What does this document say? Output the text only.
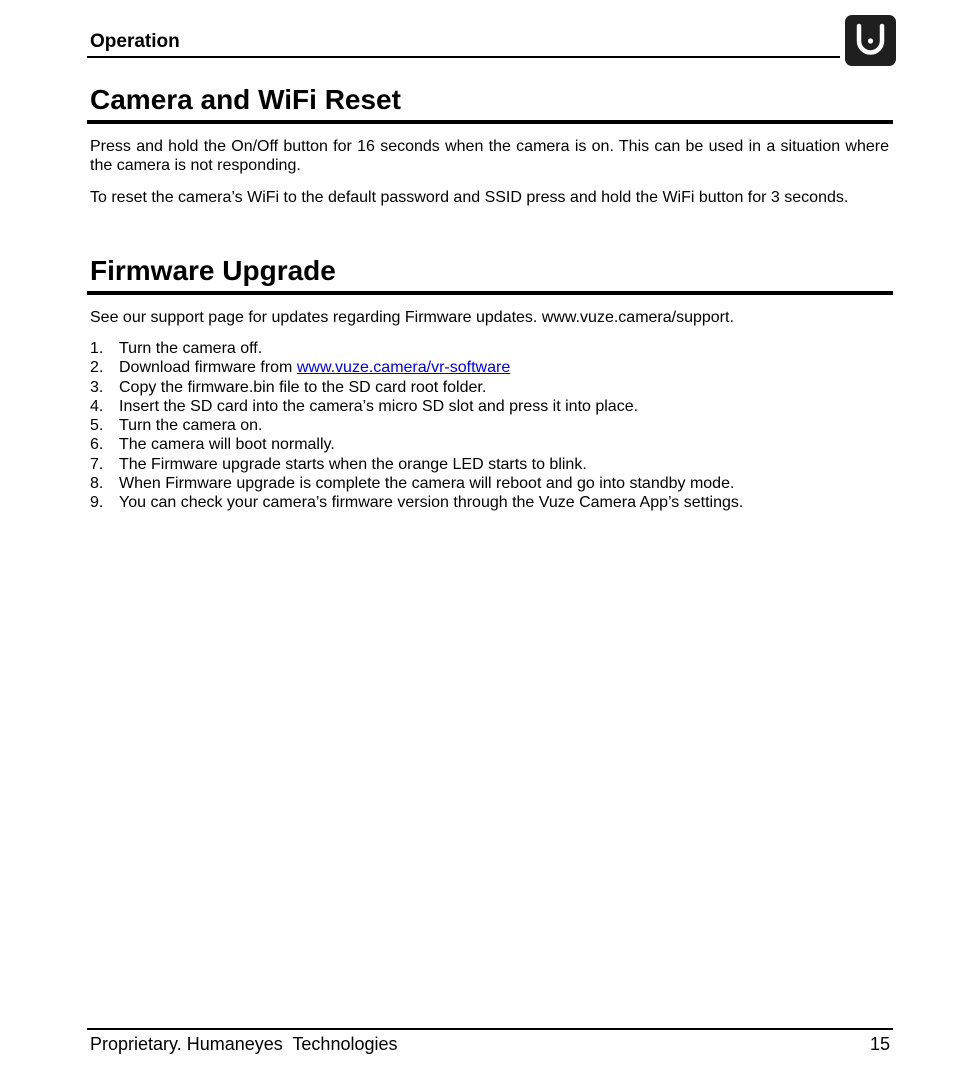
Operation
Camera and WiFi Reset

Press and hold the On/Off button for 16 seconds when the camera is on. This can be used in a situation where the camera is not responding.

To reset the camera’s WiFi to the default password and SSID press and hold the WiFi button for 3 seconds.

Firmware Upgrade

See our support page for updates regarding Firmware updates. www.vuze.camera/support.

1. Turn the camera off.
2. Download firmware from www.vuze.camera/vr-software
3. Copy the firmware.bin file to the SD card root folder.
4. Insert the SD card into the camera’s micro SD slot and press it into place.
5. Turn the camera on.
6. The camera will boot normally.
7. The Firmware upgrade starts when the orange LED starts to blink.
8. When Firmware upgrade is complete the camera will reboot and go into standby mode.
9. You can check your camera’s firmware version through the Vuze Camera App’s settings.
Proprietary. Humaneyes  Technologies	15
